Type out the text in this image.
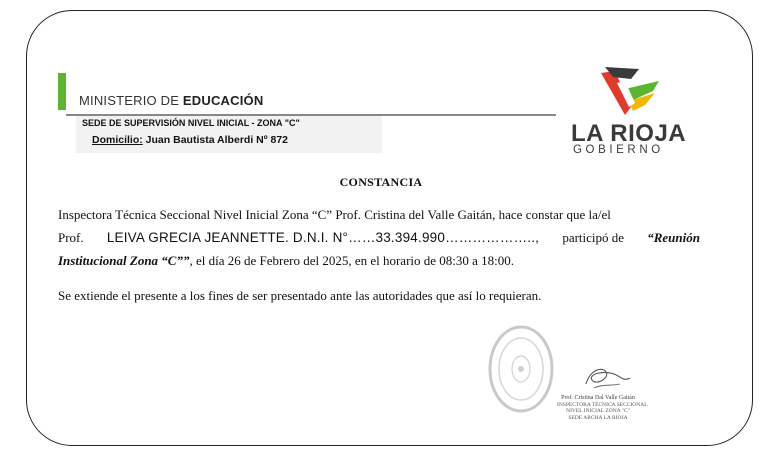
MINISTERIO DE EDUCACIÓN
SEDE DE SUPERVISIÓN NIVEL INICIAL - ZONA "C"
Domicilio: Juan Bautista Alberdi Nº 872	LA RIOJA
GOBIERNO
CONSTANCIA
Inspectora Técnica Seccional Nivel Inicial Zona “C” Prof. Cristina del Valle Gaitán, hace constar que la/el
Prof. LEIVA GRECIA JEANNETTE. D.N.I. N°……33.394.990……………….., participó de “Reunión
Institucional Zona “C””, el día 26 de Febrero del 2025, en el horario de 08:30 a 18:00.
Se extiende el presente a los fines de ser presentado ante las autoridades que así lo requieran.
Prof. Cristina Dal Valle Gaitán
INSPECTORA TÉCNICA SECCIONAL
NIVEL INICIAL ZONA "C"
SEDE ARCHA LA RIOJA
